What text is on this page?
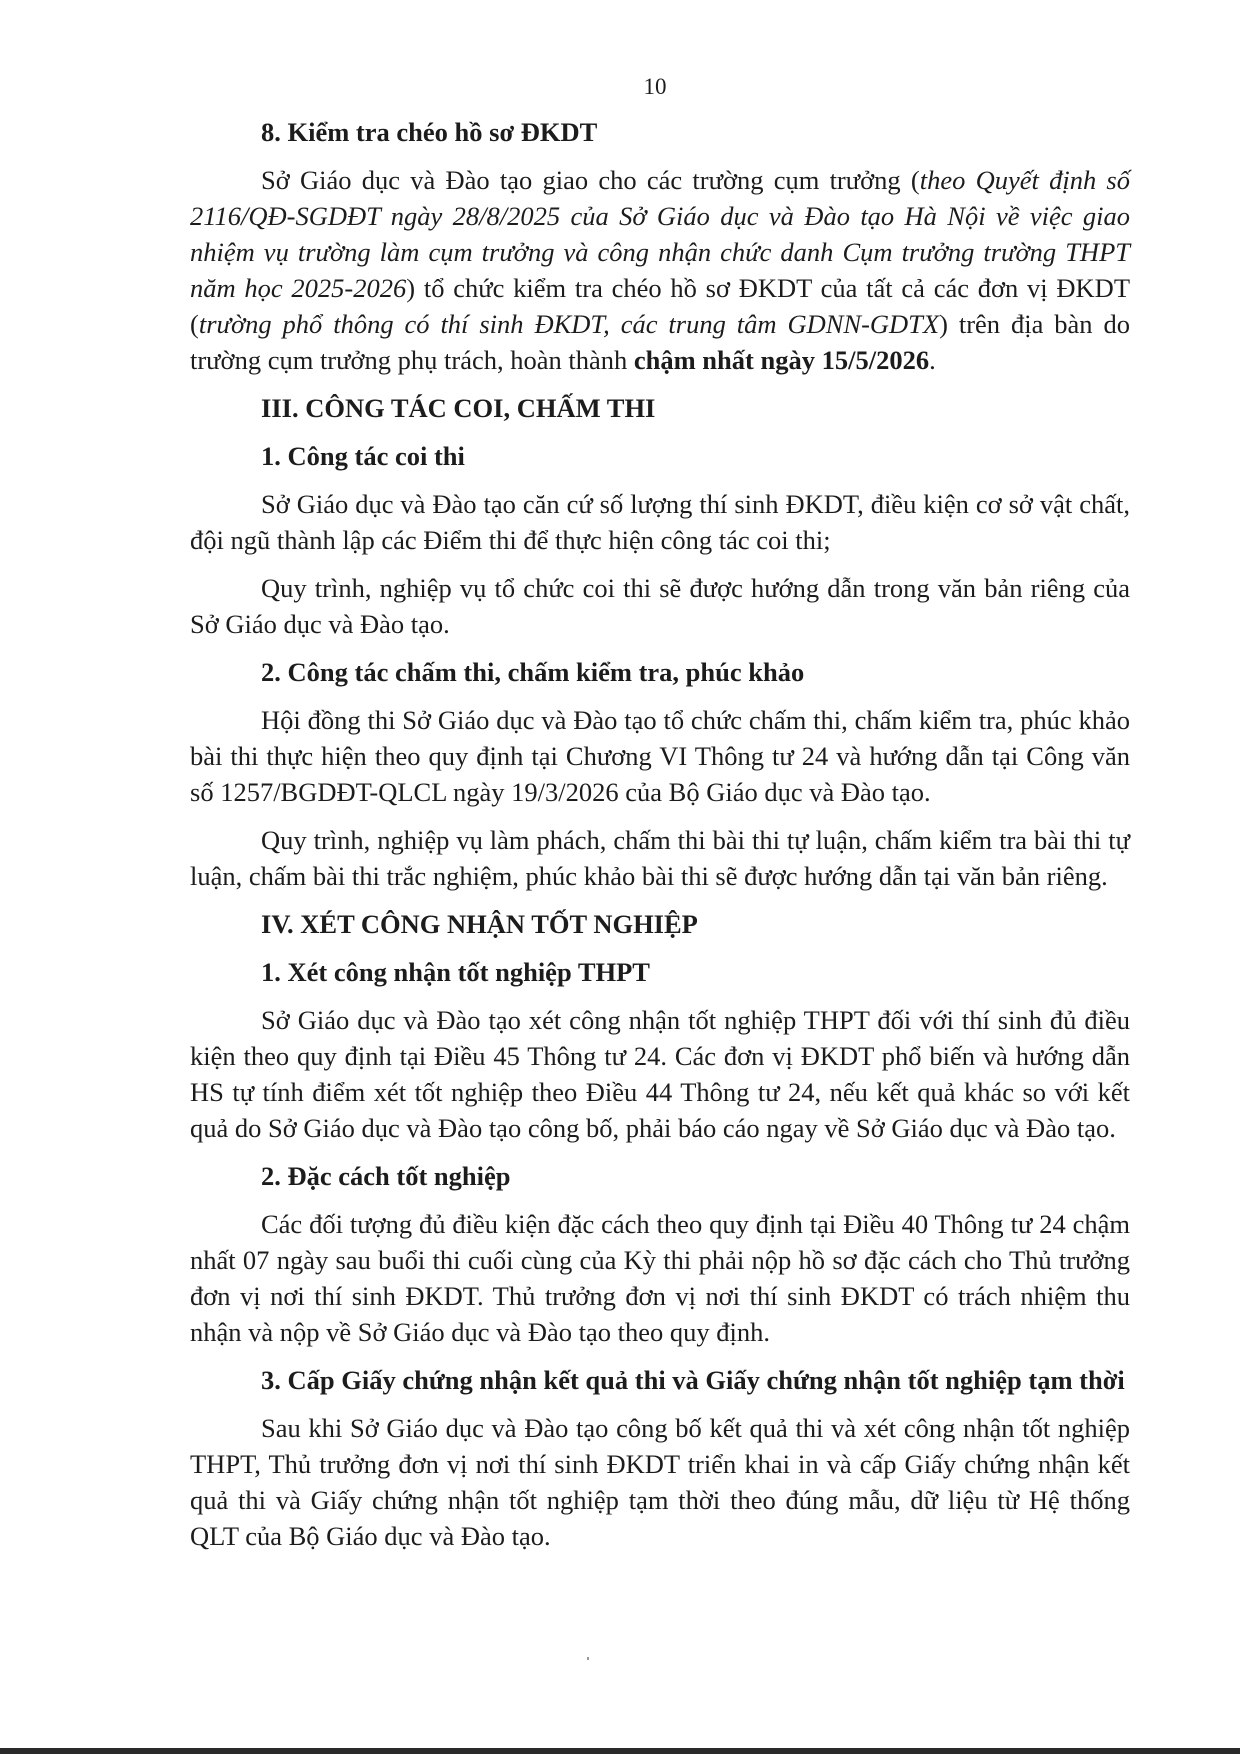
10
8. Kiểm tra chéo hồ sơ ĐKDT

Sở Giáo dục và Đào tạo giao cho các trường cụm trưởng (theo Quyết định số 2116/QĐ-SGDĐT ngày 28/8/2025 của Sở Giáo dục và Đào tạo Hà Nội về việc giao nhiệm vụ trường làm cụm trưởng và công nhận chức danh Cụm trưởng trường THPT năm học 2025-2026) tổ chức kiểm tra chéo hồ sơ ĐKDT của tất cả các đơn vị ĐKDT (trường phổ thông có thí sinh ĐKDT, các trung tâm GDNN-GDTX) trên địa bàn do trường cụm trưởng phụ trách, hoàn thành chậm nhất ngày 15/5/2026.

III. CÔNG TÁC COI, CHẤM THI
1. Công tác coi thi

Sở Giáo dục và Đào tạo căn cứ số lượng thí sinh ĐKDT, điều kiện cơ sở vật chất, đội ngũ thành lập các Điểm thi để thực hiện công tác coi thi;

Quy trình, nghiệp vụ tổ chức coi thi sẽ được hướng dẫn trong văn bản riêng của Sở Giáo dục và Đào tạo.

2. Công tác chấm thi, chấm kiểm tra, phúc khảo

Hội đồng thi Sở Giáo dục và Đào tạo tổ chức chấm thi, chấm kiểm tra, phúc khảo bài thi thực hiện theo quy định tại Chương VI Thông tư 24 và hướng dẫn tại Công văn số 1257/BGDĐT-QLCL ngày 19/3/2026 của Bộ Giáo dục và Đào tạo.

Quy trình, nghiệp vụ làm phách, chấm thi bài thi tự luận, chấm kiểm tra bài thi tự luận, chấm bài thi trắc nghiệm, phúc khảo bài thi sẽ được hướng dẫn tại văn bản riêng.

IV. XÉT CÔNG NHẬN TỐT NGHIỆP
1. Xét công nhận tốt nghiệp THPT

Sở Giáo dục và Đào tạo xét công nhận tốt nghiệp THPT đối với thí sinh đủ điều kiện theo quy định tại Điều 45 Thông tư 24. Các đơn vị ĐKDT phổ biến và hướng dẫn HS tự tính điểm xét tốt nghiệp theo Điều 44 Thông tư 24, nếu kết quả khác so với kết quả do Sở Giáo dục và Đào tạo công bố, phải báo cáo ngay về Sở Giáo dục và Đào tạo.

2. Đặc cách tốt nghiệp

Các đối tượng đủ điều kiện đặc cách theo quy định tại Điều 40 Thông tư 24 chậm nhất 07 ngày sau buổi thi cuối cùng của Kỳ thi phải nộp hồ sơ đặc cách cho Thủ trưởng đơn vị nơi thí sinh ĐKDT. Thủ trưởng đơn vị nơi thí sinh ĐKDT có trách nhiệm thu nhận và nộp về Sở Giáo dục và Đào tạo theo quy định.

3. Cấp Giấy chứng nhận kết quả thi và Giấy chứng nhận tốt nghiệp tạm thời

Sau khi Sở Giáo dục và Đào tạo công bố kết quả thi và xét công nhận tốt nghiệp THPT, Thủ trưởng đơn vị nơi thí sinh ĐKDT triển khai in và cấp Giấy chứng nhận kết quả thi và Giấy chứng nhận tốt nghiệp tạm thời theo đúng mẫu, dữ liệu từ Hệ thống QLT của Bộ Giáo dục và Đào tạo.
